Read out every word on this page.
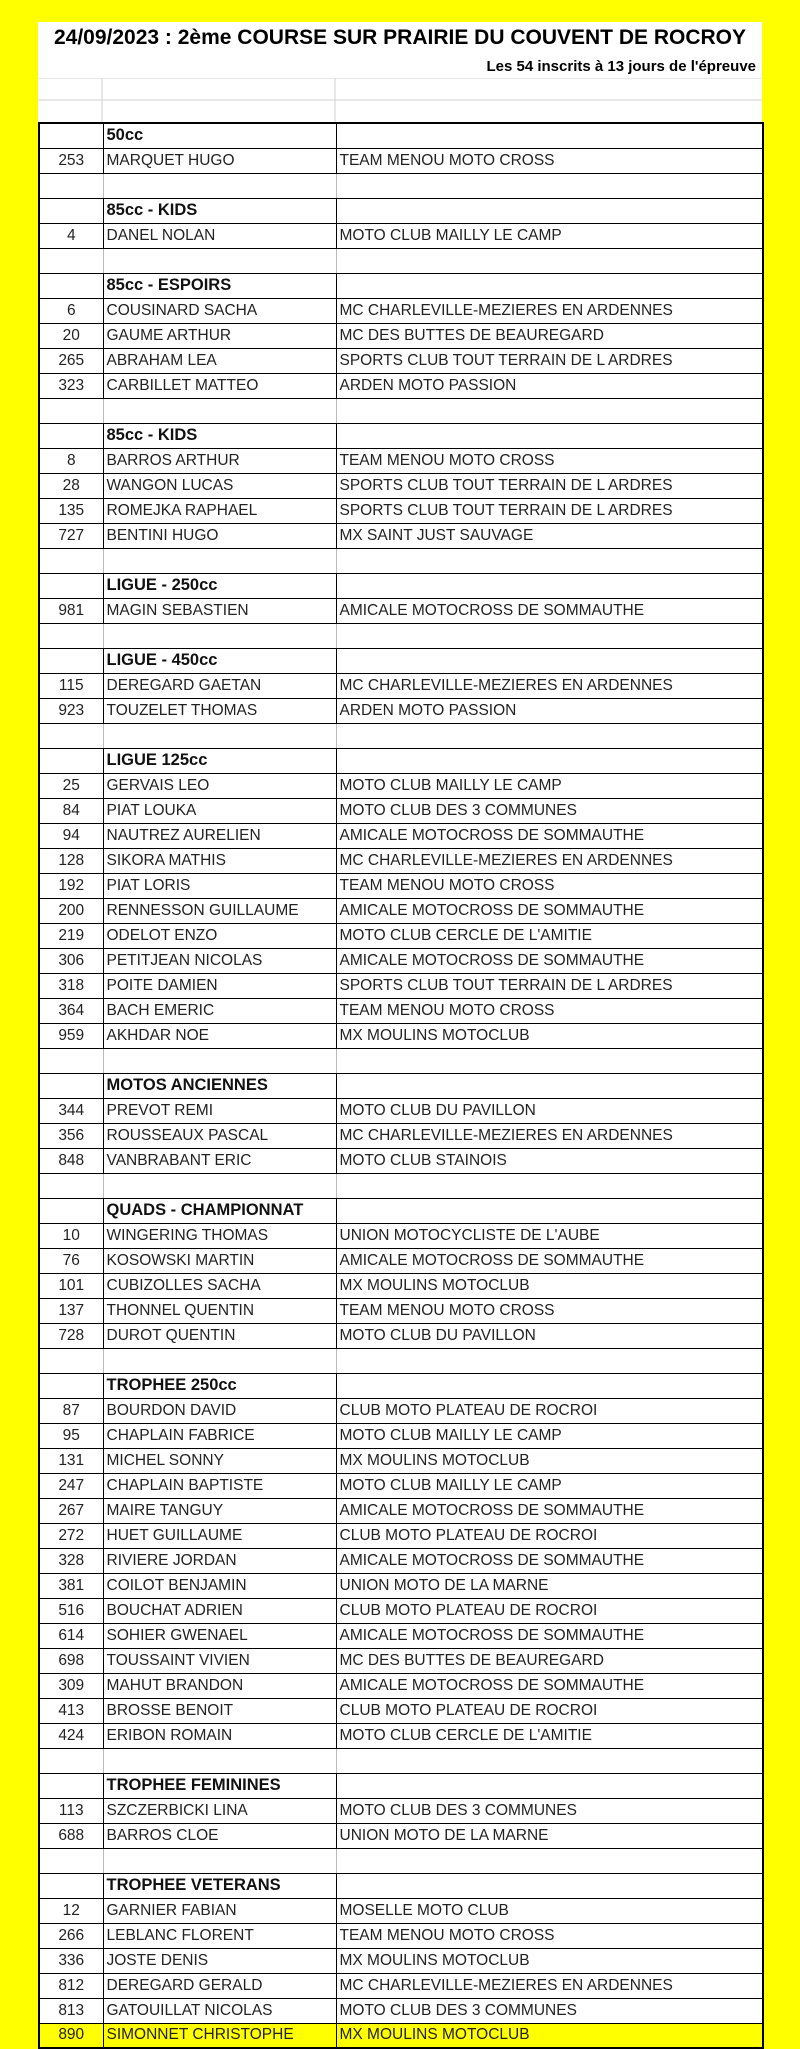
24/09/2023 : 2ème COURSE SUR PRAIRIE DU COUVENT DE ROCROY
Les 54 inscrits à 13 jours de l'épreuve
	50cc	
253	MARQUET HUGO	TEAM MENOU MOTO CROSS

	85cc - KIDS	
4	DANEL NOLAN	MOTO CLUB MAILLY LE CAMP

	85cc - ESPOIRS	
6	COUSINARD SACHA	MC CHARLEVILLE-MEZIERES EN ARDENNES
20	GAUME ARTHUR	MC DES BUTTES DE BEAUREGARD
265	ABRAHAM LEA	SPORTS CLUB TOUT TERRAIN DE L ARDRES
323	CARBILLET MATTEO	ARDEN MOTO PASSION

	85cc - KIDS	
8	BARROS ARTHUR	TEAM MENOU MOTO CROSS
28	WANGON LUCAS	SPORTS CLUB TOUT TERRAIN DE L ARDRES
135	ROMEJKA RAPHAEL	SPORTS CLUB TOUT TERRAIN DE L ARDRES
727	BENTINI HUGO	MX SAINT JUST SAUVAGE

	LIGUE - 250cc	
981	MAGIN SEBASTIEN	AMICALE MOTOCROSS DE SOMMAUTHE

	LIGUE - 450cc	
115	DEREGARD GAETAN	MC CHARLEVILLE-MEZIERES EN ARDENNES
923	TOUZELET THOMAS	ARDEN MOTO PASSION

	LIGUE 125cc	
25	GERVAIS LEO	MOTO CLUB MAILLY LE CAMP
84	PIAT LOUKA	MOTO CLUB DES 3 COMMUNES
94	NAUTREZ AURELIEN	AMICALE MOTOCROSS DE SOMMAUTHE
128	SIKORA MATHIS	MC CHARLEVILLE-MEZIERES EN ARDENNES
192	PIAT LORIS	TEAM MENOU MOTO CROSS
200	RENNESSON GUILLAUME	AMICALE MOTOCROSS DE SOMMAUTHE
219	ODELOT ENZO	MOTO CLUB CERCLE DE L'AMITIE
306	PETITJEAN NICOLAS	AMICALE MOTOCROSS DE SOMMAUTHE
318	POITE DAMIEN	SPORTS CLUB TOUT TERRAIN DE L ARDRES
364	BACH EMERIC	TEAM MENOU MOTO CROSS
959	AKHDAR NOE	MX MOULINS MOTOCLUB

	MOTOS ANCIENNES	
344	PREVOT REMI	MOTO CLUB DU PAVILLON
356	ROUSSEAUX PASCAL	MC CHARLEVILLE-MEZIERES EN ARDENNES
848	VANBRABANT ERIC	MOTO CLUB STAINOIS

	QUADS - CHAMPIONNAT	
10	WINGERING THOMAS	UNION MOTOCYCLISTE DE L'AUBE
76	KOSOWSKI MARTIN	AMICALE MOTOCROSS DE SOMMAUTHE
101	CUBIZOLLES SACHA	MX MOULINS MOTOCLUB
137	THONNEL QUENTIN	TEAM MENOU MOTO CROSS
728	DUROT QUENTIN	MOTO CLUB DU PAVILLON

	TROPHEE 250cc	
87	BOURDON DAVID	CLUB MOTO PLATEAU DE ROCROI
95	CHAPLAIN FABRICE	MOTO CLUB MAILLY LE CAMP
131	MICHEL SONNY	MX MOULINS MOTOCLUB
247	CHAPLAIN BAPTISTE	MOTO CLUB MAILLY LE CAMP
267	MAIRE TANGUY	AMICALE MOTOCROSS DE SOMMAUTHE
272	HUET GUILLAUME	CLUB MOTO PLATEAU DE ROCROI
328	RIVIERE JORDAN	AMICALE MOTOCROSS DE SOMMAUTHE
381	COILOT BENJAMIN	UNION MOTO DE LA MARNE
516	BOUCHAT ADRIEN	CLUB MOTO PLATEAU DE ROCROI
614	SOHIER GWENAEL	AMICALE MOTOCROSS DE SOMMAUTHE
698	TOUSSAINT VIVIEN	MC DES BUTTES DE BEAUREGARD
309	MAHUT BRANDON	AMICALE MOTOCROSS DE SOMMAUTHE
413	BROSSE BENOIT	CLUB MOTO PLATEAU DE ROCROI
424	ERIBON ROMAIN	MOTO CLUB CERCLE DE L'AMITIE

	TROPHEE FEMININES	
113	SZCZERBICKI LINA	MOTO CLUB DES 3 COMMUNES
688	BARROS CLOE	UNION MOTO DE LA MARNE

	TROPHEE VETERANS	
12	GARNIER FABIAN	MOSELLE MOTO CLUB
266	LEBLANC FLORENT	TEAM MENOU MOTO CROSS
336	JOSTE DENIS	MX MOULINS MOTOCLUB
812	DEREGARD GERALD	MC CHARLEVILLE-MEZIERES EN ARDENNES
813	GATOUILLAT NICOLAS	MOTO CLUB DES 3 COMMUNES
890	SIMONNET CHRISTOPHE	MX MOULINS MOTOCLUB
